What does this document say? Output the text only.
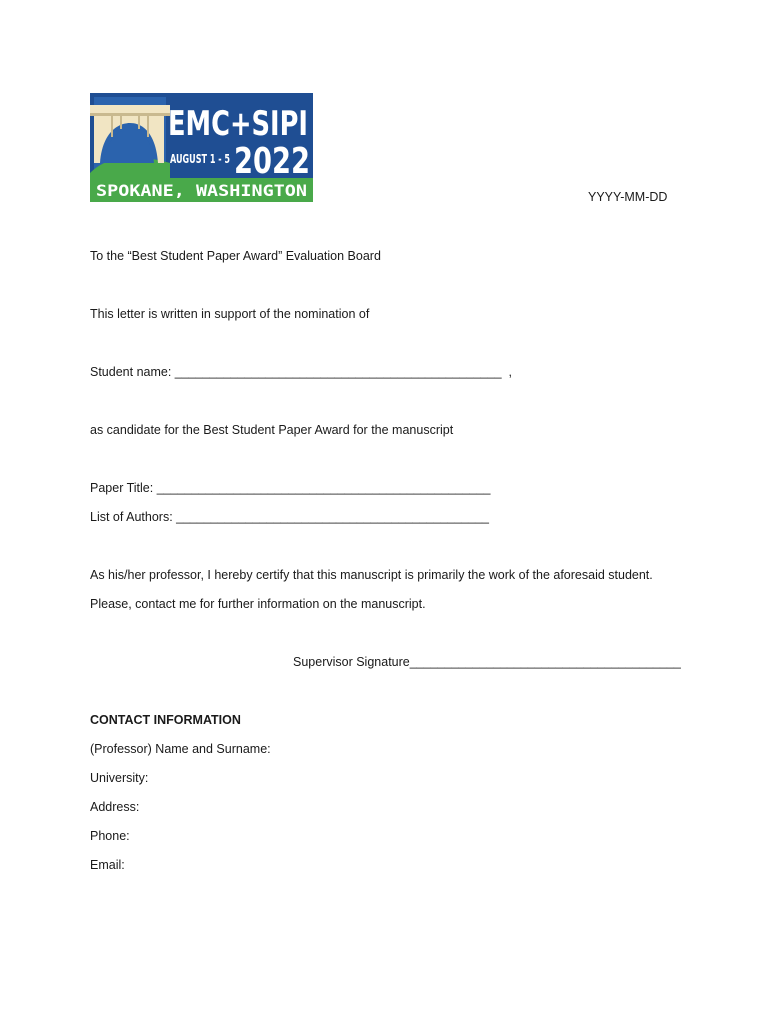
EMC+SIPI
AUGUST 1 - 5 2022
SPOKANE, WASHINGTON	YYYY-MM-DD
To the “Best Student Paper Award” Evaluation Board
This letter is written in support of the nomination of
Student name: _______________________________________________  ,
as candidate for the Best Student Paper Award for the manuscript
Paper Title: ________________________________________________
List of Authors: _____________________________________________
As his/her professor, I hereby certify that this manuscript is primarily the work of the aforesaid student.
Please, contact me for further information on the manuscript.
Supervisor Signature_______________________________________
CONTACT INFORMATION
(Professor) Name and Surname:
University:
Address:
Phone:
Email:
